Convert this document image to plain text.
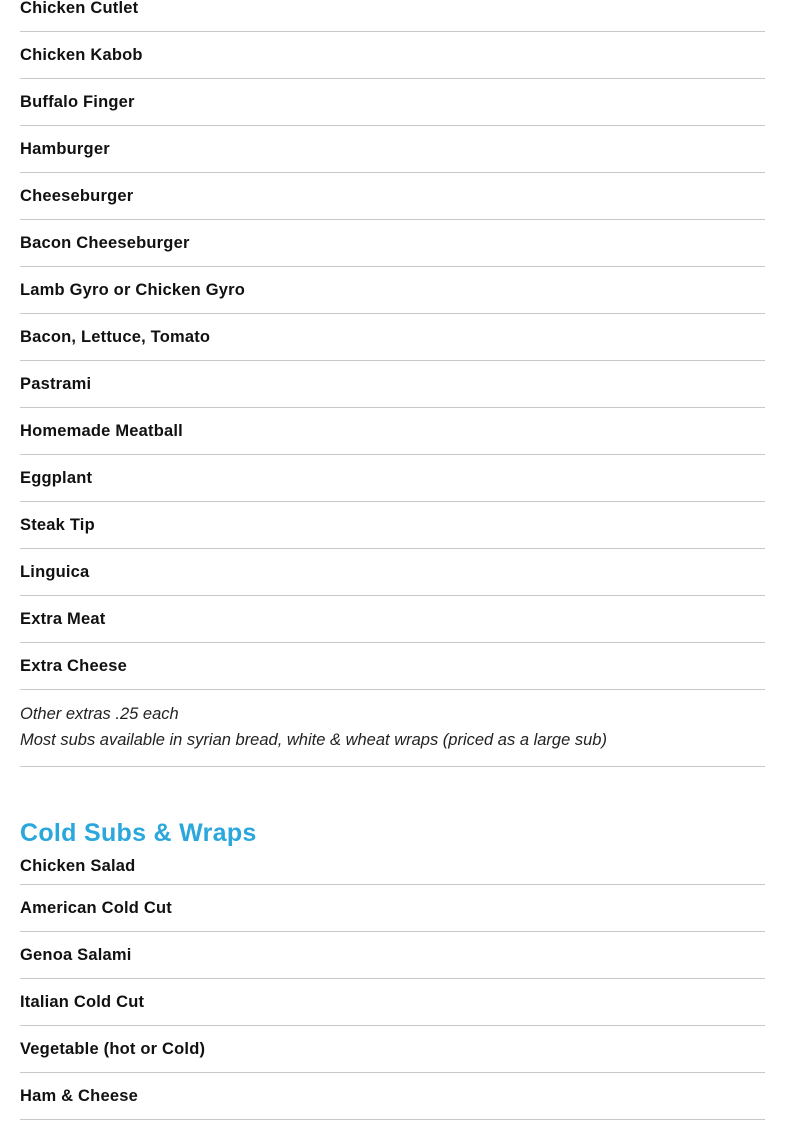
Chicken Cutlet
Chicken Kabob
Buffalo Finger
Hamburger
Cheeseburger
Bacon Cheeseburger
Lamb Gyro or Chicken Gyro
Bacon, Lettuce, Tomato
Pastrami
Homemade Meatball
Eggplant
Steak Tip
Linguica
Extra Meat
Extra Cheese
Other extras .25 each
Most subs available in syrian bread, white & wheat wraps (priced as a large sub)
Cold Subs & Wraps
Chicken Salad
American Cold Cut
Genoa Salami
Italian Cold Cut
Vegetable (hot or Cold)
Ham & Cheese
